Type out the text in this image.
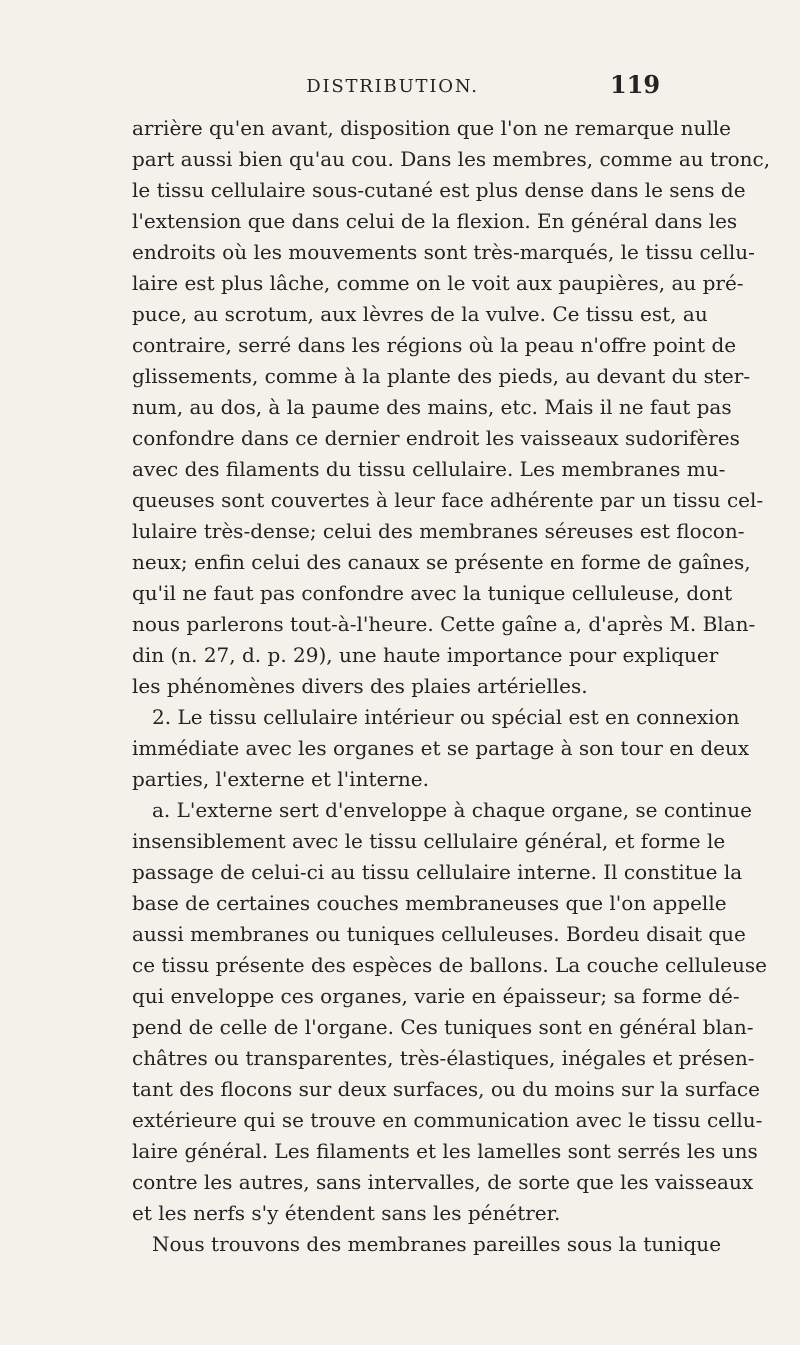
DISTRIBUTION.	119
arrière qu'en avant, disposition que l'on ne remarque nulle
part aussi bien qu'au cou. Dans les membres, comme au tronc,
le tissu cellulaire sous-cutané est plus dense dans le sens de
l'extension que dans celui de la flexion. En général dans les
endroits où les mouvements sont très-marqués, le tissu cellu-
laire est plus lâche, comme on le voit aux paupières, au pré-
puce, au scrotum, aux lèvres de la vulve. Ce tissu est, au
contraire, serré dans les régions où la peau n'offre point de
glissements, comme à la plante des pieds, au devant du ster-
num, au dos, à la paume des mains, etc. Mais il ne faut pas
confondre dans ce dernier endroit les vaisseaux sudorifères
avec des filaments du tissu cellulaire. Les membranes mu-
queuses sont couvertes à leur face adhérente par un tissu cel-
lulaire très-dense; celui des membranes séreuses est flocon-
neux; enfin celui des canaux se présente en forme de gaînes,
qu'il ne faut pas confondre avec la tunique celluleuse, dont
nous parlerons tout-à-l'heure. Cette gaîne a, d'après M. Blan-
din (n. 27, d. p. 29), une haute importance pour expliquer
les phénomènes divers des plaies artérielles.
2. Le tissu cellulaire intérieur ou spécial est en connexion
immédiate avec les organes et se partage à son tour en deux
parties, l'externe et l'interne.
a. L'externe sert d'enveloppe à chaque organe, se continue
insensiblement avec le tissu cellulaire général, et forme le
passage de celui-ci au tissu cellulaire interne. Il constitue la
base de certaines couches membraneuses que l'on appelle
aussi membranes ou tuniques celluleuses. Bordeu disait que
ce tissu présente des espèces de ballons. La couche celluleuse
qui enveloppe ces organes, varie en épaisseur; sa forme dé-
pend de celle de l'organe. Ces tuniques sont en général blan-
châtres ou transparentes, très-élastiques, inégales et présen-
tant des flocons sur deux surfaces, ou du moins sur la surface
extérieure qui se trouve en communication avec le tissu cellu-
laire général. Les filaments et les lamelles sont serrés les uns
contre les autres, sans intervalles, de sorte que les vaisseaux
et les nerfs s'y étendent sans les pénétrer.
Nous trouvons des membranes pareilles sous la tunique
